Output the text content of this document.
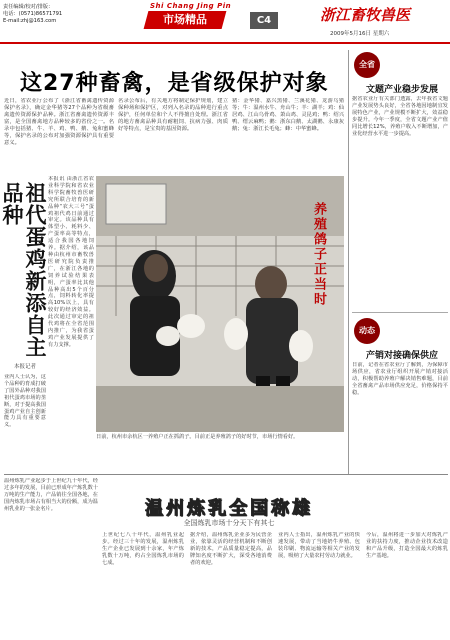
责任编辑/校对/排版：
电话：(0571)86571791
E-mail:zhj@163.com
Shi Chang Jing Pin
市场精品	C4	浙江畜牧兽医
2009年5月16日 星期六
这27种畜禽，是省级保护对象
近日，省农业厅公布了《浙江省畜禽遗传资源保护名录》，确定金华猪等27个品种为省级畜禽遗传资源保护品种。浙江省畜禽遗传资源丰富，是全国畜禽地方品种较多的省份之一。名录中包括猪、牛、羊、鸡、鸭、鹅、兔和蜜蜂等，保护名录的公布对加强资源保护具有重要意义。
名录公布后，有关地方将制定保护规划，建立保种场和保护区，对列入名录的品种进行重点保护，任何单位和个人不得擅自处理。浙江省的地方畜禽品种具有耐粗饲、抗病力强、肉质好等特点，是宝贵的基因资源。
猪：金华猪、嘉兴黑猪、兰溪花猪、龙游乌猪等；牛：温州水牛、舟山牛；羊：湖羊；鸡：仙居鸡、江山乌骨鸡、萧山鸡、灵昆鸡；鸭：绍兴鸭、缙云麻鸭；鹅：浙东白鹅、太湖鹅、永康灰鹅；兔：浙江长毛兔；蜂：中华蜜蜂。
祖代蛋鸡新添自主品种
本报记者
本报讯 由浙江省农业科学院和省农业科学院畜牧兽医研究所联合培育的新品种“农大三号”蛋鸡祖代鸡日前通过审定。该品种具有体型小、耗料少、产蛋率高等特点，适合我国各地饲养。据介绍，该品种由杭州市畜牧兽医研究院负责推广，在浙江各地的饲养试验结果表明，产蛋率比其他品种高出5个百分点，饲料转化率提高10%以上，具有较好的经济效益。此次通过审定的祖代鸡将在全省范围内推广，为我省蛋鸡产业发展提供了有力支撑。
业内人士认为，这个品种的育成打破了国外品种对我国祖代蛋鸡市场的垄断，对于提高我国蛋鸡产业自主创新能力具有重要意义。
养殖鸽子正当时
日前，杭州市余杭区一养殖户正在抓鸽子。目前正是养殖鸽子的好时节，市场行情看好。
全省
文题产业稳步发展
据省农业厅有关部门透露，去年我省文题产业发展势头良好，全省各地因地制宜发展特色产业，产业规模不断扩大，效益稳步提升。今年一季度，全省文题产业产值同比增长12%，养殖户收入不断增加，产业化经营水平进一步提高。
动态
产销对接确保供应
日前，记者在省农业厅了解到，为保障市场供应，省农业厅组织开展产销对接活动，积极帮助养殖户解决销售难题，目前全省畜禽产品市场供应充足，价格保持平稳。
温州炼乳产业起步于上世纪九十年代，经过多年的发展，目前已形成年产炼乳数十万吨的生产能力，产品销往全国各地，在国内炼乳市场占有相当大的份额，成为温州乳业的一张金名片。	温州炼乳全国称雄
全国炼乳市场十分天下有其七
上世纪七八十年代，温州乳业起步。经过三十年的发展，温州炼乳生产企业已发展到十余家，年产炼乳数十万吨，约占全国炼乳市场的七成。
据介绍，温州炼乳企业多为民营企业，依靠灵活的经营机制和不断创新的技术，产品质量稳定提高，品牌知名度不断扩大，深受各地消费者的欢迎。
业内人士指出，温州炼乳产业的快速发展，带动了当地奶牛养殖、包装印刷、物流运输等相关产业的发展，吸纳了大量农村劳动力就业。
今后，温州将进一步加大对炼乳产业的扶持力度，推动企业技术改造和产品升级，打造全国最大的炼乳生产基地。
